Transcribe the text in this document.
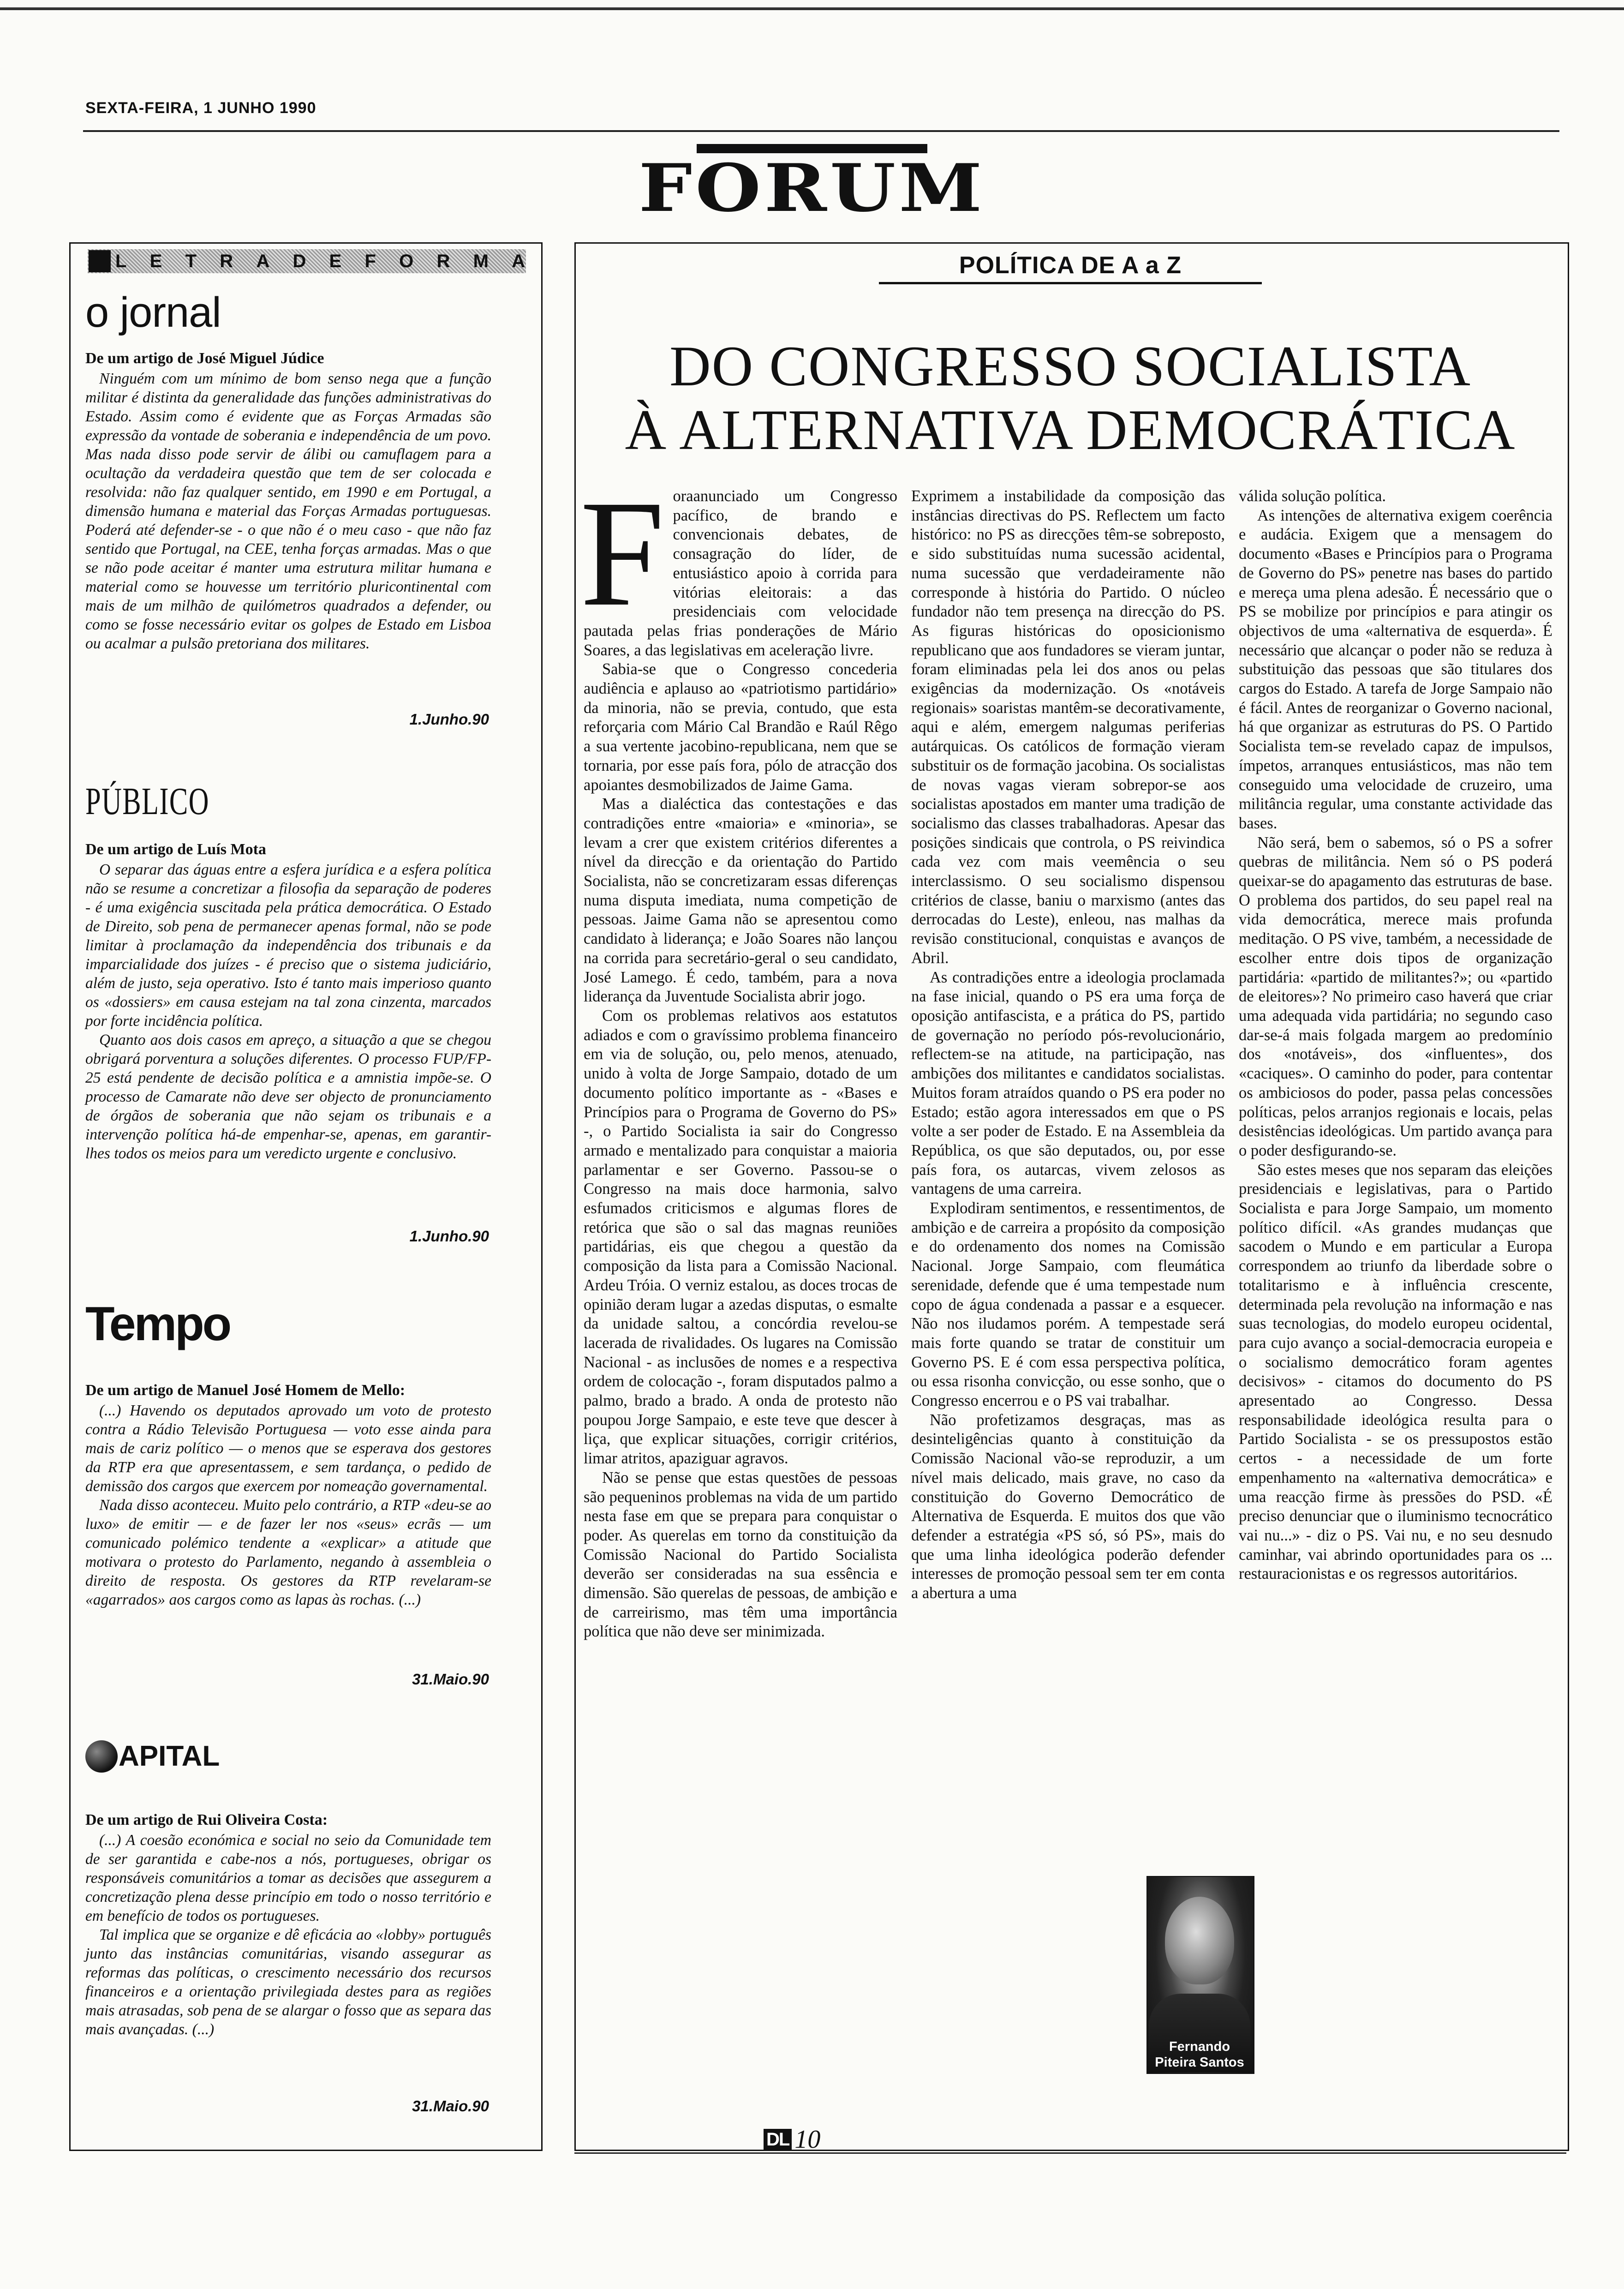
SEXTA-FEIRA, 1 JUNHO 1990
FORUM
L E T R A D E F O R M A
o jornal
De um artigo de José Miguel Júdice

Ninguém com um mínimo de bom senso nega que a função militar é distinta da generalidade das funções administrativas do Estado. Assim como é evidente que as Forças Armadas são expressão da vontade de soberania e independência de um povo. Mas nada disso pode servir de álibi ou camuflagem para a ocultação da verdadeira questão que tem de ser colocada e resolvida: não faz qualquer sentido, em 1990 e em Portugal, a dimensão humana e material das Forças Armadas portuguesas. Poderá até defender-se - o que não é o meu caso - que não faz sentido que Portugal, na CEE, tenha forças armadas. Mas o que se não pode aceitar é manter uma estrutura militar humana e material como se houvesse um território pluricontinental com mais de um milhão de quilómetros quadrados a defender, ou como se fosse necessário evitar os golpes de Estado em Lisboa ou acalmar a pulsão pretoriana dos militares.

1.Junho.90
PÚBLICO
De um artigo de Luís Mota

O separar das águas entre a esfera jurídica e a esfera política não se resume a concretizar a filosofia da separação de poderes - é uma exigência suscitada pela prática democrática. O Estado de Direito, sob pena de permanecer apenas formal, não se pode limitar à proclamação da independência dos tribunais e da imparcialidade dos juízes - é preciso que o sistema judiciário, além de justo, seja operativo. Isto é tanto mais imperioso quanto os «dossiers» em causa estejam na tal zona cinzenta, marcados por forte incidência política.

Quanto aos dois casos em apreço, a situação a que se chegou obrigará porventura a soluções diferentes. O processo FUP/FP-25 está pendente de decisão política e a amnistia impõe-se. O processo de Camarate não deve ser objecto de pronunciamento de órgãos de soberania que não sejam os tribunais e a intervenção política há-de empenhar-se, apenas, em garantir-lhes todos os meios para um veredicto urgente e conclusivo.

1.Junho.90
Tempo
De um artigo de Manuel José Homem de Mello:

(...) Havendo os deputados aprovado um voto de protesto contra a Rádio Televisão Portuguesa — voto esse ainda para mais de cariz político — o menos que se esperava dos gestores da RTP era que apresentassem, e sem tardança, o pedido de demissão dos cargos que exercem por nomeação governamental.

Nada disso aconteceu. Muito pelo contrário, a RTP «deu-se ao luxo» de emitir — e de fazer ler nos «seus» ecrãs — um comunicado polémico tendente a «explicar» a atitude que motivara o protesto do Parlamento, negando à assembleia o direito de resposta. Os gestores da RTP revelaram-se «agarrados» aos cargos como as lapas às rochas. (...)

31.Maio.90
APITAL
De um artigo de Rui Oliveira Costa:

(...) A coesão económica e social no seio da Comunidade tem de ser garantida e cabe-nos a nós, portugueses, obrigar os responsáveis comunitários a tomar as decisões que assegurem a concretização plena desse princípio em todo o nosso território e em benefício de todos os portugueses.

Tal implica que se organize e dê eficácia ao «lobby» português junto das instâncias comunitárias, visando assegurar as reformas das políticas, o crescimento necessário dos recursos financeiros e a orientação privilegiada destes para as regiões mais atrasadas, sob pena de se alargar o fosso que as separa das mais avançadas. (...)

31.Maio.90
POLÍTICA DE A a Z
DO CONGRESSO SOCIALISTA
À ALTERNATIVA DEMOCRÁTICA

Foraanunciado um Congresso pacífico, de brando e convencionais debates, de consagração do líder, de entusiástico apoio à corrida para vitórias eleitorais: a das presidenciais com velocidade pautada pelas frias ponderações de Mário Soares, a das legislativas em aceleração livre.

Sabia-se que o Congresso concederia audiência e aplauso ao «patriotismo partidário» da minoria, não se previa, contudo, que esta reforçaria com Mário Cal Brandão e Raúl Rêgo a sua vertente jacobino-republicana, nem que se tornaria, por esse país fora, pólo de atracção dos apoiantes desmobilizados de Jaime Gama.

Mas a dialéctica das contestações e das contradições entre «maioria» e «minoria», se levam a crer que existem critérios diferentes a nível da direcção e da orientação do Partido Socialista, não se concretizaram essas diferenças numa disputa imediata, numa competição de pessoas. Jaime Gama não se apresentou como candidato à liderança; e João Soares não lançou na corrida para secretário-geral o seu candidato, José Lamego. É cedo, também, para a nova liderança da Juventude Socialista abrir jogo.

Com os problemas relativos aos estatutos adiados e com o gravíssimo problema financeiro em via de solução, ou, pelo menos, atenuado, unido à volta de Jorge Sampaio, dotado de um documento político importante as - «Bases e Princípios para o Programa de Governo do PS» -, o Partido Socialista ia sair do Congresso armado e mentalizado para conquistar a maioria parlamentar e ser Governo. Passou-se o Congresso na mais doce harmonia, salvo esfumados criticismos e algumas flores de retórica que são o sal das magnas reuniões partidárias, eis que chegou a questão da composição da lista para a Comissão Nacional. Ardeu Tróia. O verniz estalou, as doces trocas de opinião deram lugar a azedas disputas, o esmalte da unidade saltou, a concórdia revelou-se lacerada de rivalidades. Os lugares na Comissão Nacional - as inclusões de nomes e a respectiva ordem de colocação -, foram disputados palmo a palmo, brado a brado. A onda de protesto não poupou Jorge Sampaio, e este teve que descer à liça, que explicar situações, corrigir critérios, limar atritos, apaziguar agravos.

Não se pense que estas questões de pessoas são pequeninos problemas na vida de um partido nesta fase em que se prepara para conquistar o poder. As querelas em torno da constituição da Comissão Nacional do Partido Socialista deverão ser consideradas na sua essência e dimensão. São querelas de pessoas, de ambição e de carreirismo, mas têm uma importância política que não deve ser minimizada.

Exprimem a instabilidade da composição das instâncias directivas do PS. Reflectem um facto histórico: no PS as direcções têm-se sobreposto, e sido substituídas numa sucessão acidental, numa sucessão que verdadeiramente não corresponde à história do Partido. O núcleo fundador não tem presença na direcção do PS. As figuras históricas do oposicionismo republicano que aos fundadores se vieram juntar, foram eliminadas pela lei dos anos ou pelas exigências da modernização. Os «notáveis regionais» soaristas mantêm-se decorativamente, aqui e além, emergem nalgumas periferias autárquicas. Os católicos de formação vieram substituir os de formação jacobina. Os socialistas de novas vagas vieram sobrepor-se aos socialistas apostados em manter uma tradição de socialismo das classes trabalhadoras. Apesar das posições sindicais que controla, o PS reivindica cada vez com mais veemência o seu interclassismo. O seu socialismo dispensou critérios de classe, baniu o marxismo (antes das derrocadas do Leste), enleou, nas malhas da revisão constitucional, conquistas e avanços de Abril.

As contradições entre a ideologia proclamada na fase inicial, quando o PS era uma força de oposição antifascista, e a prática do PS, partido de governação no período pós-revolucionário, reflectem-se na atitude, na participação, nas ambições dos militantes e candidatos socialistas. Muitos foram atraídos quando o PS era poder no Estado; estão agora interessados em que o PS volte a ser poder de Estado. E na Assembleia da República, os que são deputados, ou, por esse país fora, os autarcas, vivem zelosos as vantagens de uma carreira.

Explodiram sentimentos, e ressentimentos, de ambição e de carreira a propósito da composição e do ordenamento dos nomes na Comissão Nacional. Jorge Sampaio, com fleumática serenidade, defende que é uma tempestade num copo de água condenada a passar e a esquecer. Não nos iludamos porém. A tempestade será mais forte quando se tratar de constituir um Governo PS. E é com essa perspectiva política, ou essa risonha convicção, ou esse sonho, que o Congresso encerrou e o PS vai trabalhar.

Não profetizamos desgraças, mas as desinteligências quanto à constituição da Comissão Nacional vão-se reproduzir, a um nível mais delicado, mais grave, no caso da constituição do Governo Democrático de Alternativa de Esquerda. E muitos dos que vão defender a estratégia «PS só, só PS», mais do que uma linha ideológica poderão defender interesses de promoção pessoal sem ter em conta a abertura a uma

válida solução política.

As intenções de alternativa exigem coerência e audácia. Exigem que a mensagem do documento «Bases e Princípios para o Programa de Governo do PS» penetre nas bases do partido e mereça uma plena adesão. É necessário que o PS se mobilize por princípios e para atingir os objectivos de uma «alternativa de esquerda». É necessário que alcançar o poder não se reduza à substituição das pessoas que são titulares dos cargos do Estado. A tarefa de Jorge Sampaio não é fácil. Antes de reorganizar o Governo nacional, há que organizar as estruturas do PS. O Partido Socialista tem-se revelado capaz de impulsos, ímpetos, arranques entusiásticos, mas não tem conseguido uma velocidade de cruzeiro, uma militância regular, uma constante actividade das bases.

Não será, bem o sabemos, só o PS a sofrer quebras de militância. Nem só o PS poderá queixar-se do apagamento das estruturas de base. O problema dos partidos, do seu papel real na vida democrática, merece mais profunda meditação. O PS vive, também, a necessidade de escolher entre dois tipos de organização partidária: «partido de militantes?»; ou «partido de eleitores»? No primeiro caso haverá que criar uma adequada vida partidária; no segundo caso dar-se-á mais folgada margem ao predomínio dos «notáveis», dos «influentes», dos «caciques». O caminho do poder, para contentar os ambiciosos do poder, passa pelas concessões políticas, pelos arranjos regionais e locais, pelas desistências ideológicas. Um partido avança para o poder desfigurando-se.

São estes meses que nos separam das eleições presidenciais e legislativas, para o Partido Socialista e para Jorge Sampaio, um momento político difícil. «As grandes mudanças que sacodem o Mundo e em particular a Europa correspondem ao triunfo da liberdade sobre o totalitarismo e à influência crescente, determinada pela revolução na informação e nas suas tecnologias, do modelo europeu ocidental, para cujo avanço a social-democracia europeia e o socialismo democrático foram agentes decisivos» - citamos do documento do PS apresentado ao Congresso. Dessa responsabilidade ideológica resulta para o Partido Socialista - se os pressupostos estão certos - a necessidade de um forte empenhamento na «alternativa democrática» e uma reacção firme às pressões do PSD. «É preciso denunciar que o iluminismo tecnocrático vai nu...» - diz o PS. Vai nu, e no seu desnudo caminhar, vai abrindo oportunidades para os ... restauracionistas e os regressos autoritários.

Fernando
Piteira Santos
DL 10
